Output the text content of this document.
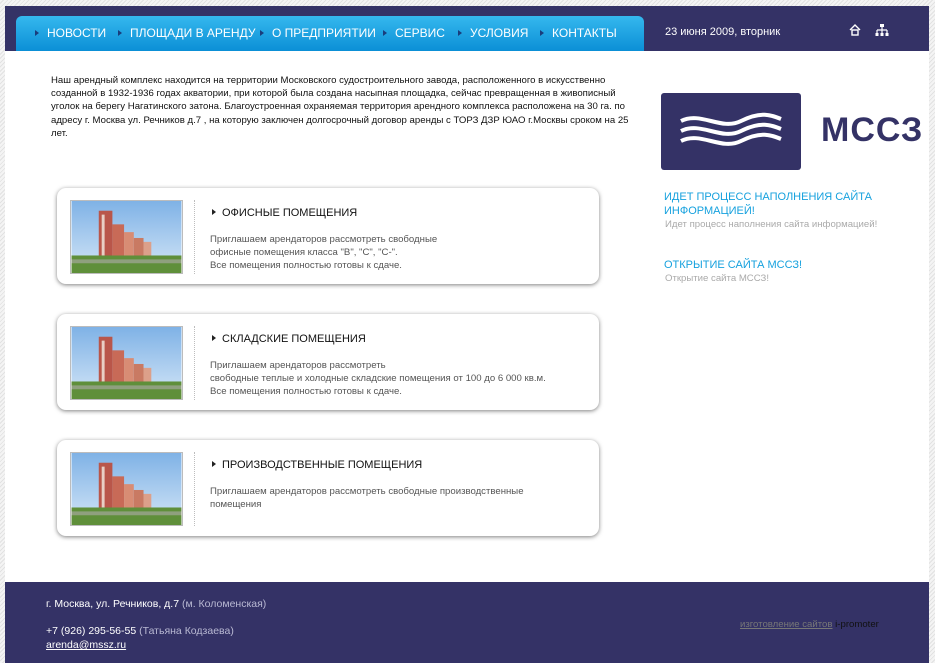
НОВОСТИ	ПЛОЩАДИ В АРЕНДУ	О ПРЕДПРИЯТИИ	СЕРВИС	УСЛОВИЯ	КОНТАКТЫ	23 июня 2009, вторник
Наш арендный комплекс находится на территории Московского судостроительного завода, расположенного в искусственно созданной в 1932-1936 годах акватории, при которой была создана насыпная площадка, сейчас превращенная в живописный уголок на берегу Нагатинского затона. Благоустроенная охраняемая территория арендного комплекса расположена на 30 га. по адресу г. Москва ул. Речников д.7 , на которую заключен долгосрочный договор аренды с ТОРЗ ДЗР ЮАО г.Москвы сроком на 25 лет.
ОФИСНЫЕ ПОМЕЩЕНИЯ
Приглашаем арендаторов рассмотреть свободные
офисные помещения класса "B", "C", "C-".
Все помещения полностью готовы к сдаче.
СКЛАДСКИЕ ПОМЕЩЕНИЯ
Приглашаем арендаторов рассмотреть
свободные теплые и холодные складские помещения от 100 до 6 000 кв.м.
Все помещения полностью готовы к сдаче.
ПРОИЗВОДСТВЕННЫЕ ПОМЕЩЕНИЯ
Приглашаем арендаторов рассмотреть свободные производственные
помещения
МССЗ
ИДЕТ ПРОЦЕСС НАПОЛНЕНИЯ САЙТА ИНФОРМАЦИЕЙ!
Идет процесс наполнения сайта информацией!
ОТКРЫТИЕ САЙТА МССЗ!
Открытие сайта МССЗ!
г. Москва, ул. Речников, д.7 (м. Коломенская)
+7 (926) 295-56-55 (Татьяна Кодзаева)
arenda@mssz.ru
изготовление сайтов i-promoter
